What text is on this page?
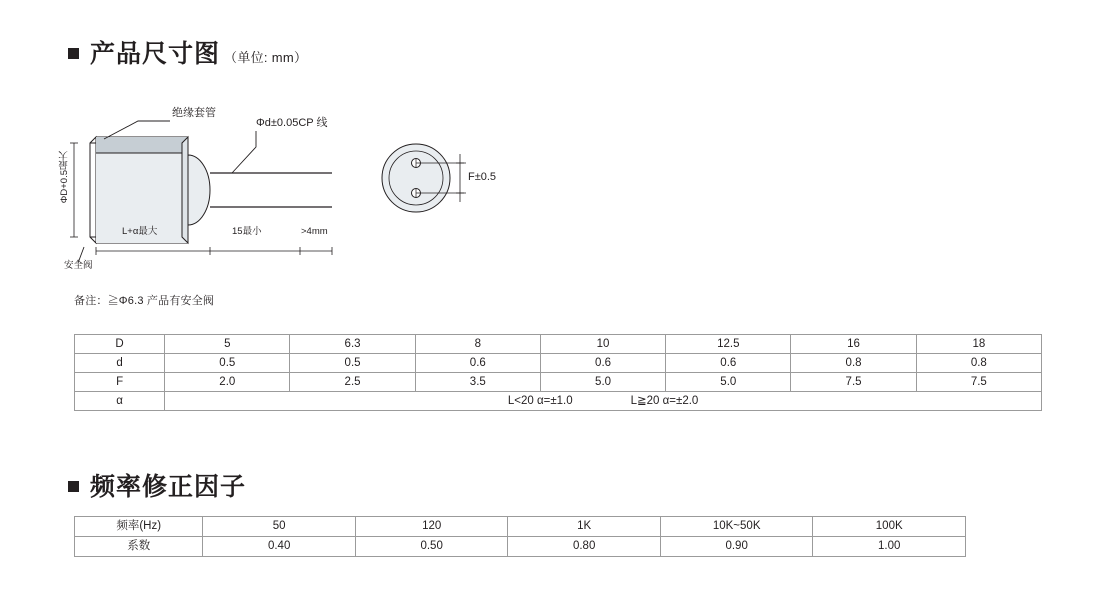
产品尺寸图 （单位: mm）
绝缘套管
Φd±0.05CP 线
ΦD+0.5最大
L+α最大	15最小	>4mm
安全阀
F±0.5
备注：≧Φ6.3 产品有安全阀
D	5	6.3	8	10	12.5	16	18
d	0.5	0.5	0.6	0.6	0.6	0.8	0.8
F	2.0	2.5	3.5	5.0	5.0	7.5	7.5
α	L<20 α=±1.0 L≧20 α=±2.0						
频率修正因子
频率(Hz)	50	120	1K	10K~50K	100K
系数	0.40	0.50	0.80	0.90	1.00
